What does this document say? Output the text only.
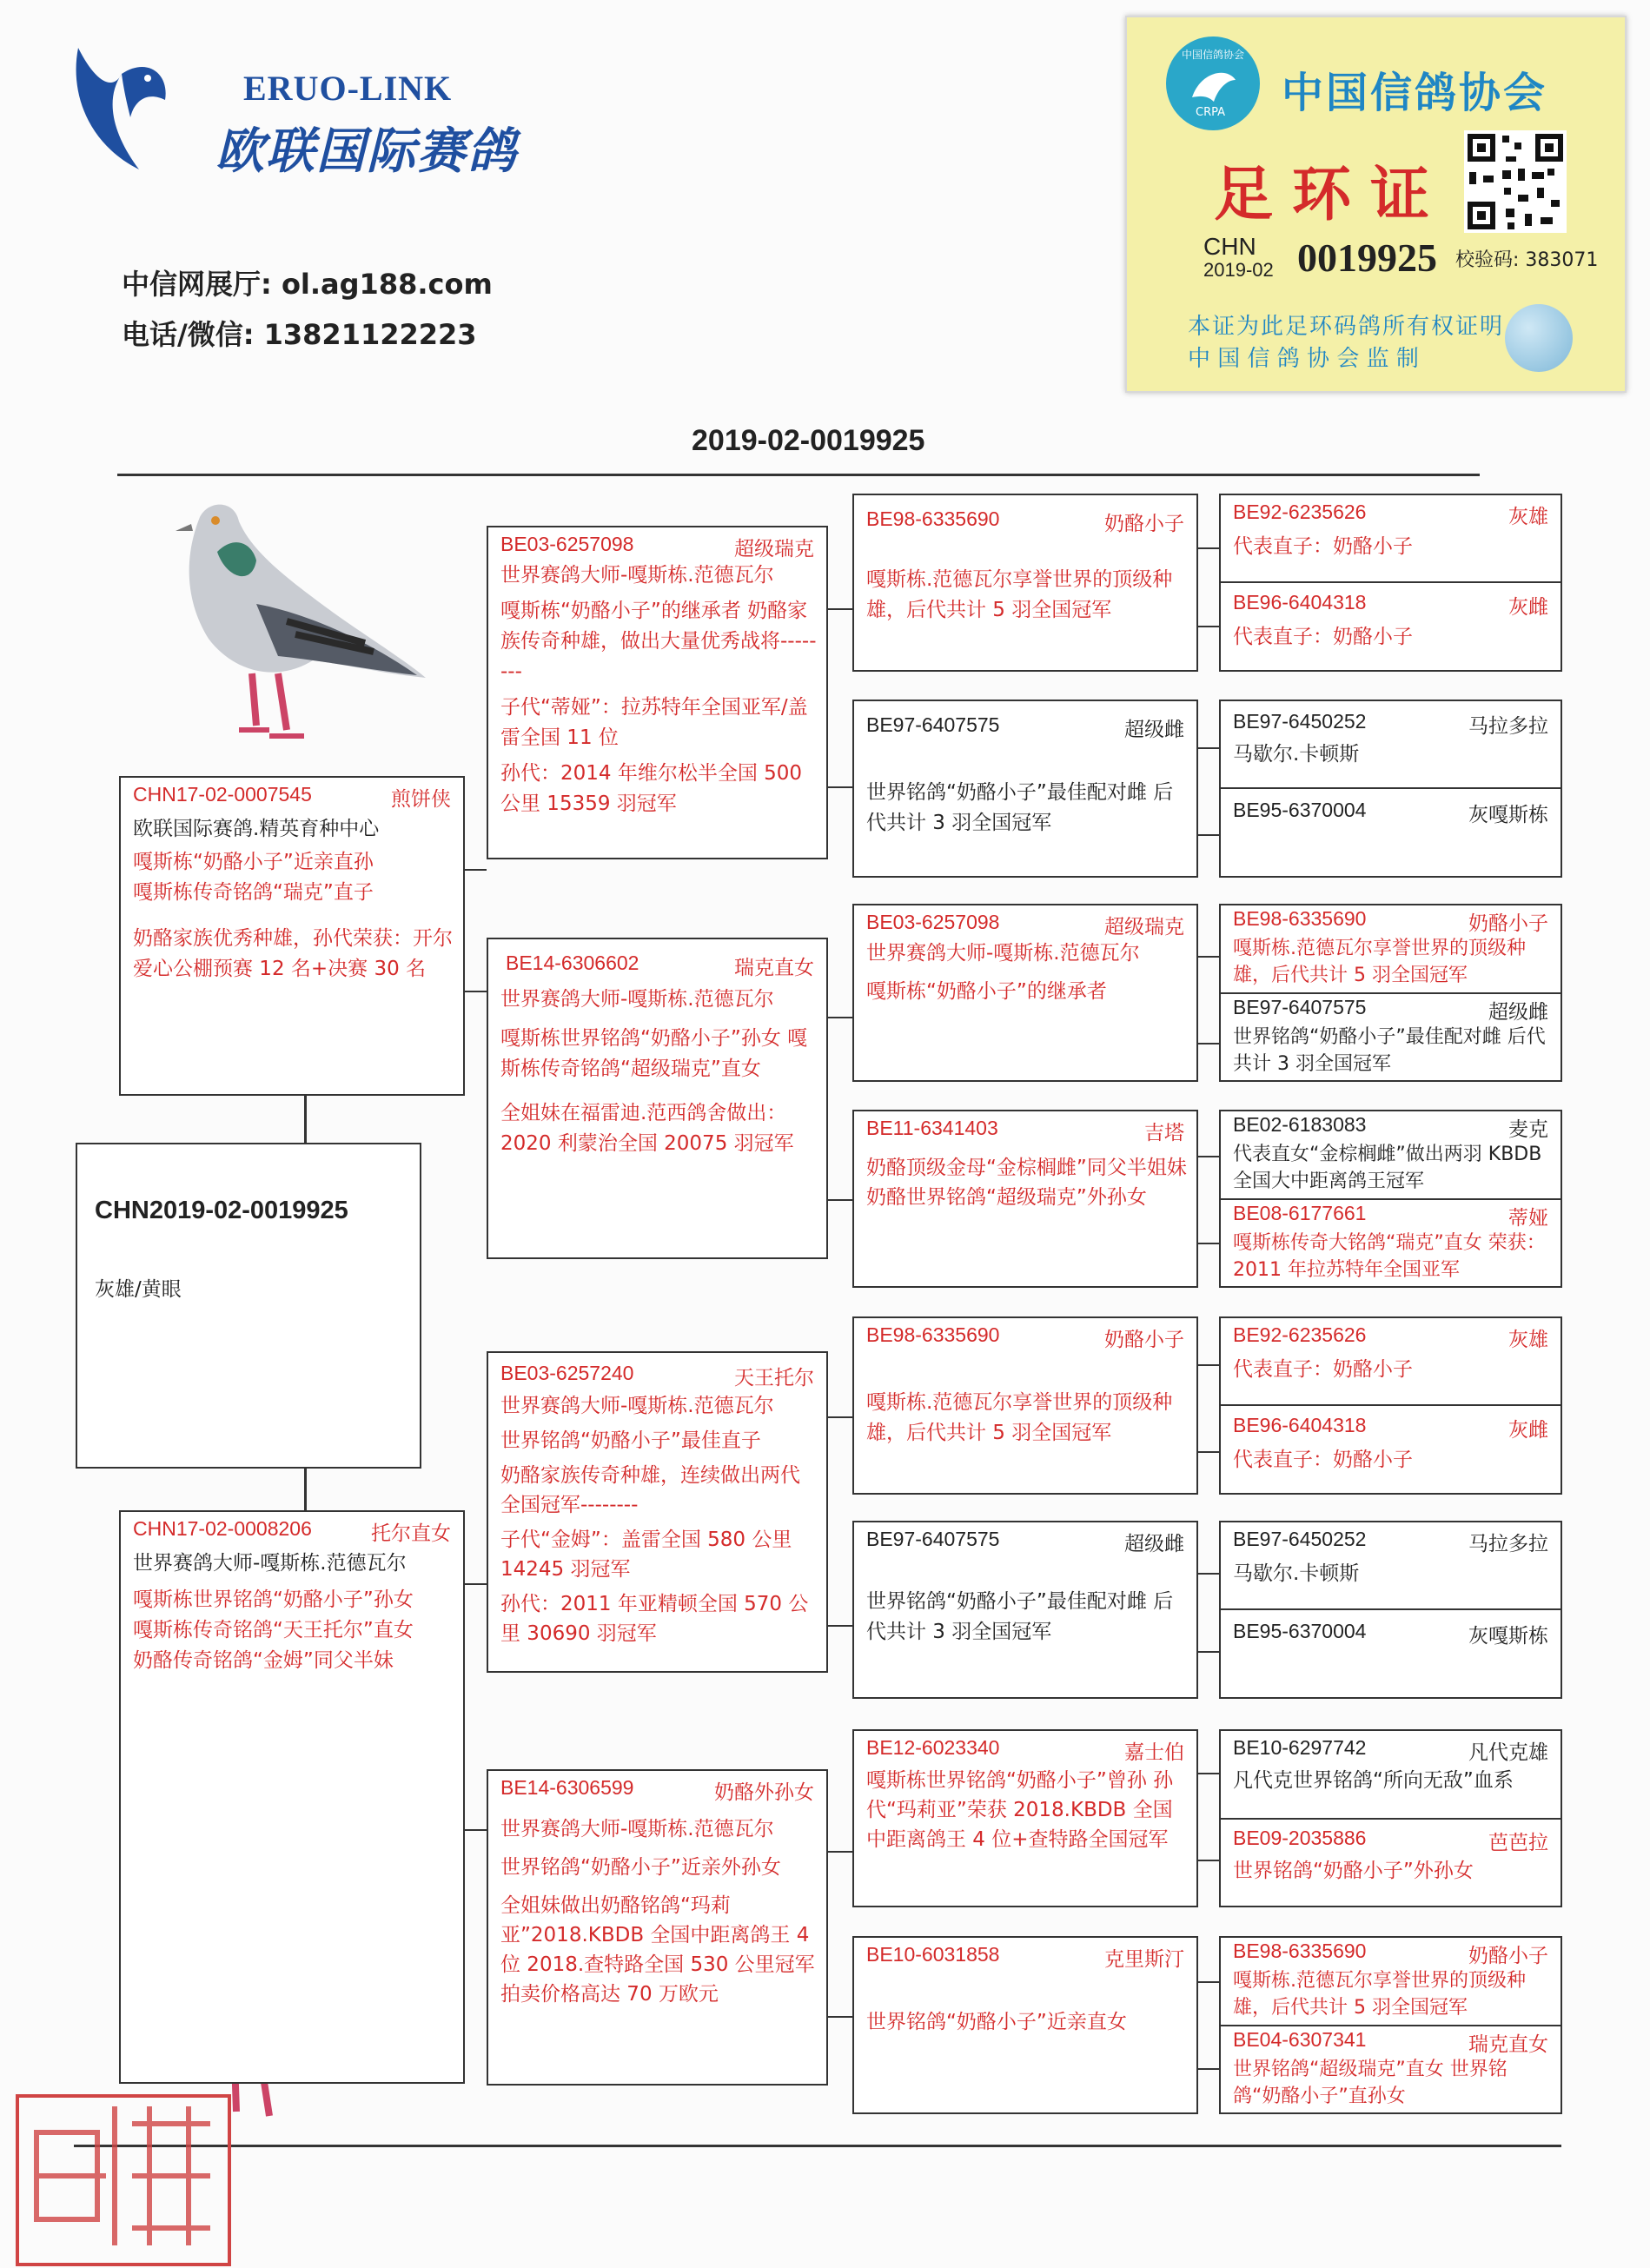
ERUO-LINK
欧联国际赛鸽
中信网展厅: ol.ag188.com
电话/微信: 13821122223
中国信鸽协会
CRPA 中国信鸽协会
足环证
CHN
2019-02 0019925 校验码: 383071
本证为此足环码鸽所有权证明
中 国 信 鸽 协 会 监 制
2019-02-0019925
CHN2019-02-0019925
灰雄/黄眼
CHN17-02-0007545	煎饼侠

欧联国际赛鸽.精英育种中心

嘎斯栋“奶酪小子”近亲直孙

嘎斯栋传奇铭鸽“瑞克”直子

奶酪家族优秀种雄，孙代荣获：开尔爱心公棚预赛 12 名+决赛 30 名

CHN17-02-0008206	托尔直女

世界赛鸽大师-嘎斯栋.范德瓦尔

嘎斯栋世界铭鸽“奶酪小子”孙女

嘎斯栋传奇铭鸽“天王托尔”直女

奶酪传奇铭鸽“金姆”同父半妹

BE03-6257098	超级瑞克

世界赛鸽大师-嘎斯栋.范德瓦尔

嘎斯栋“奶酪小子”的继承者 奶酪家族传奇种雄，做出大量优秀战将--------

子代“蒂娅”：拉苏特年全国亚军/盖雷全国 11 位

孙代：2014 年维尔松半全国 500 公里 15359 羽冠军

BE14-6306602	瑞克直女

世界赛鸽大师-嘎斯栋.范德瓦尔

嘎斯栋世界铭鸽“奶酪小子”孙女 嘎斯栋传奇铭鸽“超级瑞克”直女

全姐妹在福雷迪.范西鸽舍做出：2020 利蒙治全国 20075 羽冠军

BE03-6257240	天王托尔

世界赛鸽大师-嘎斯栋.范德瓦尔

世界铭鸽“奶酪小子”最佳直子

奶酪家族传奇种雄，连续做出两代全国冠军--------

子代“金姆”：盖雷全国 580 公里 14245 羽冠军

孙代：2011 年亚精顿全国 570 公里 30690 羽冠军

BE14-6306599	奶酪外孙女

世界赛鸽大师-嘎斯栋.范德瓦尔

世界铭鸽“奶酪小子”近亲外孙女

全姐妹做出奶酪铭鸽“玛莉亚”2018.KBDB 全国中距离鸽王 4 位 2018.查特路全国 530 公里冠军 拍卖价格高达 70 万欧元

BE98-6335690	奶酪小子

嘎斯栋.范德瓦尔享誉世界的顶级种雄，后代共计 5 羽全国冠军

BE97-6407575	超级雌

世界铭鸽“奶酪小子”最佳配对雌 后代共计 3 羽全国冠军

BE03-6257098	超级瑞克

世界赛鸽大师-嘎斯栋.范德瓦尔

嘎斯栋“奶酪小子”的继承者

BE11-6341403	吉塔

奶酪顶级金母“金棕榈雌”同父半姐妹 奶酪世界铭鸽“超级瑞克”外孙女

BE98-6335690	奶酪小子

嘎斯栋.范德瓦尔享誉世界的顶级种雄，后代共计 5 羽全国冠军

BE97-6407575	超级雌

世界铭鸽“奶酪小子”最佳配对雌 后代共计 3 羽全国冠军

BE12-6023340	嘉士伯

嘎斯栋世界铭鸽“奶酪小子”曾孙 孙代“玛莉亚”荣获 2018.KBDB 全国中距离鸽王 4 位+查特路全国冠军

BE10-6031858	克里斯汀

世界铭鸽“奶酪小子”近亲直女

BE92-6235626	灰雄

代表直子：奶酪小子

BE96-6404318	灰雌

代表直子：奶酪小子

BE97-6450252	马拉多拉

马歇尔.卡顿斯

BE95-6370004	灰嘎斯栋
BE98-6335690	奶酪小子

嘎斯栋.范德瓦尔享誉世界的顶级种雄，后代共计 5 羽全国冠军

BE97-6407575	超级雌

世界铭鸽“奶酪小子”最佳配对雌 后代共计 3 羽全国冠军

BE02-6183083	麦克

代表直女“金棕榈雌”做出两羽 KBDB 全国大中距离鸽王冠军

BE08-6177661	蒂娅

嘎斯栋传奇大铭鸽“瑞克”直女 荣获：2011 年拉苏特年全国亚军

BE92-6235626	灰雄

代表直子：奶酪小子

BE96-6404318	灰雌

代表直子：奶酪小子

BE97-6450252	马拉多拉

马歇尔.卡顿斯

BE95-6370004	灰嘎斯栋
BE10-6297742	凡代克雄

凡代克世界铭鸽“所向无敌”血系

BE09-2035886	芭芭拉

世界铭鸽“奶酪小子”外孙女

BE98-6335690	奶酪小子

嘎斯栋.范德瓦尔享誉世界的顶级种雄，后代共计 5 羽全国冠军

BE04-6307341	瑞克直女

世界铭鸽“超级瑞克”直女 世界铭鸽“奶酪小子”直孙女
